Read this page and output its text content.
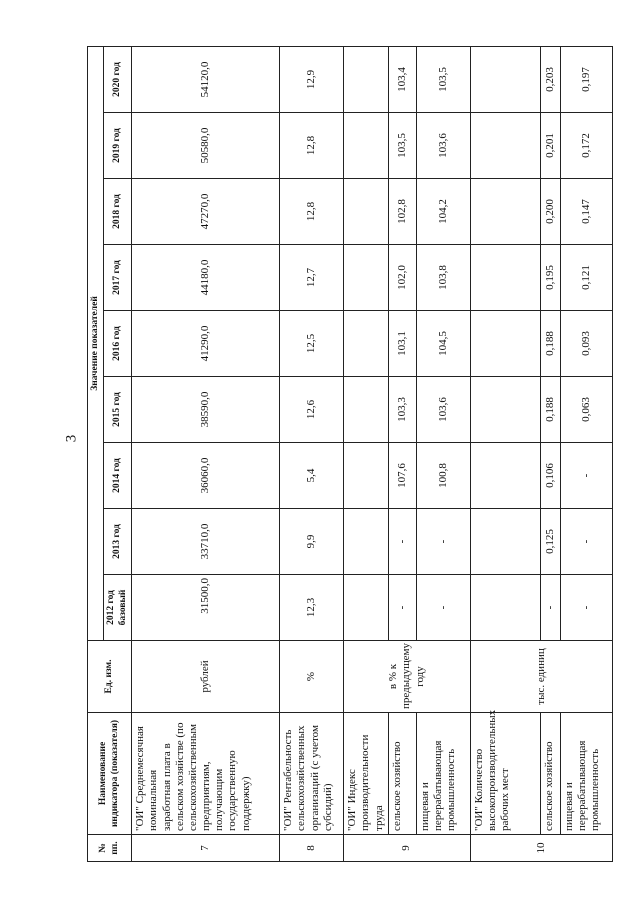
3
№ пп.	Наименование индикатора (показателя)	Ед. изм.	Значение показателей								
			2012 год базовый	2013 год	2014 год	2015 год	2016 год	2017 год	2018 год	2019 год	2020 год
7	"ОИ" Среднемесячная номинальная заработная плата в сельском хозяйстве (по сельскохозяйственным предприятиям, получающим государственную поддержку)	рублей	31500,0	33710,0	36060,0	38590,0	41290,0	44180,0	47270,0	50580,0	54120,0
8	"ОИ" Рентабельность сельскохозяйственных организаций (с учетом субсидий)	%	12,3	9,9	5,4	12,6	12,5	12,7	12,8	12,8	12,9
9	"ОИ" Индекс производительности труда	в % к предыдущему году									
	сельское хозяйство		-	-	107,6	103,3	103,1	102,0	102,8	103,5	103,4
	пищевая и перерабатывающая промышленность		-	-	100,8	103,6	104,5	103,8	104,2	103,6	103,5
10	"ОИ" Количество высокопроизводительных рабочих мест	тыс. единиц									
	сельское хозяйство		-	0,125	0,106	0,188	0,188	0,195	0,200	0,201	0,203
	пищевая и перерабатывающая промышленность		-	-	-	0,063	0,093	0,121	0,147	0,172	0,197
